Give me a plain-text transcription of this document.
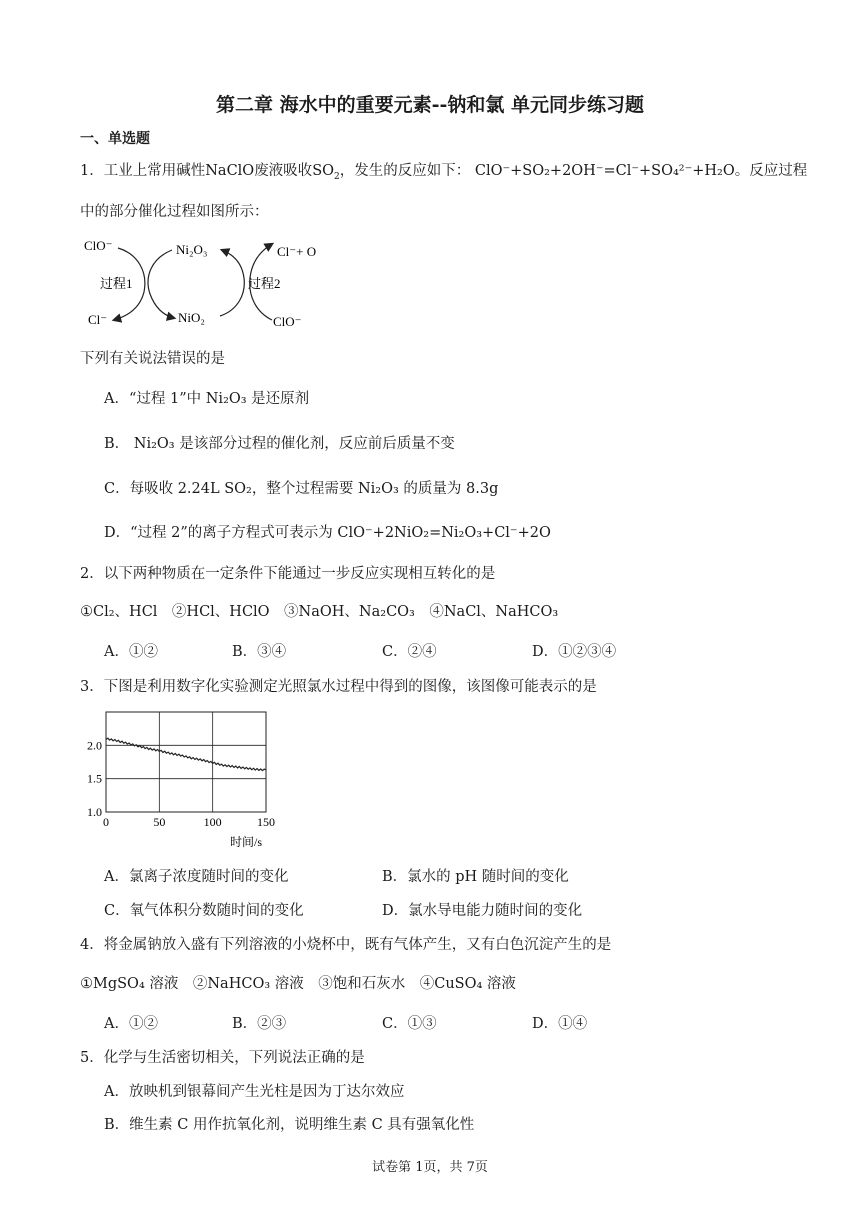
第二章 海水中的重要元素--钠和氯 单元同步练习题
一、单选题
1．工业上常用碱性NaClO废液吸收$SO_2$，发生的反应如下： ClO⁻+SO₂+2OH⁻=Cl⁻+SO₄²⁻+H₂O。反应过程
中的部分催化过程如图所示：
ClO⁻	Ni₂O₃	Cl⁻+ O
过程1	过程2
Cl⁻	NiO₂	ClO⁻
下列有关说法错误的是
A．“过程 1”中 Ni₂O₃ 是还原剂
B． Ni₂O₃ 是该部分过程的催化剂，反应前后质量不变
C．每吸收 2.24L SO₂，整个过程需要 Ni₂O₃ 的质量为 8.3g
D．“过程 2”的离子方程式可表示为 ClO⁻+2NiO₂=Ni₂O₃+Cl⁻+2O
2．以下两种物质在一定条件下能通过一步反应实现相互转化的是
①Cl₂、HCl　②HCl、HClO　③NaOH、Na₂CO₃　④NaCl、NaHCO₃
A．①②	B．③④	C．②④	D．①②③④
3．下图是利用数字化实验测定光照氯水过程中得到的图像，该图像可能表示的是
0	50	100	150
1.0
1.5
2.0
时间/s
A．氯离子浓度随时间的变化	B．氯水的 pH 随时间的变化
C．氧气体积分数随时间的变化	D．氯水导电能力随时间的变化
4．将金属钠放入盛有下列溶液的小烧杯中，既有气体产生，又有白色沉淀产生的是
①MgSO₄ 溶液　②NaHCO₃ 溶液　③饱和石灰水　④CuSO₄ 溶液
A．①②	B．②③	C．①③	D．①④
5．化学与生活密切相关，下列说法正确的是
A．放映机到银幕间产生光柱是因为丁达尔效应
B．维生素 C 用作抗氧化剂，说明维生素 C 具有强氧化性
试卷第 1页，共 7页
